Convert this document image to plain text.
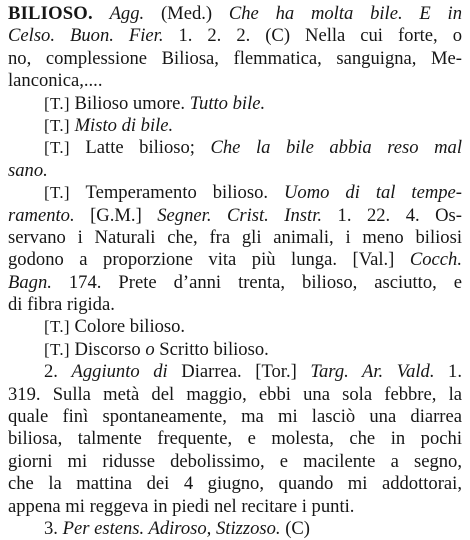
BILIOSO. Agg. (Med.) Che ha molta bile. E in
Celso. Buon. Fier. 1. 2. 2. (C) Nella cui forte, o
no, complessione Biliosa, flemmatica, sanguigna, Me-
lanconica,....
[T.] Bilioso umore. Tutto bile.
[T.] Misto di bile.
[T.] Latte bilioso; Che la bile abbia reso mal
sano.
[T.] Temperamento bilioso. Uomo di tal tempe-
ramento. [G.M.] Segner. Crist. Instr. 1. 22. 4. Os-
servano i Naturali che, fra gli animali, i meno biliosi
godono a proporzione vita più lunga. [Val.] Cocch.
Bagn. 174. Prete d’anni trenta, bilioso, asciutto, e
di fibra rigida.
[T.] Colore bilioso.
[T.] Discorso o Scritto bilioso.
2. Aggiunto di Diarrea. [Tor.] Targ. Ar. Vald. 1.
319. Sulla metà del maggio, ebbi una sola febbre, la
quale finì spontaneamente, ma mi lasciò una diarrea
biliosa, talmente frequente, e molesta, che in pochi
giorni mi ridusse debolissimo, e macilente a segno,
che la mattina dei 4 giugno, quando mi addottorai,
appena mi reggeva in piedi nel recitare i punti.
3. Per estens. Adiroso, Stizzoso. (C)
